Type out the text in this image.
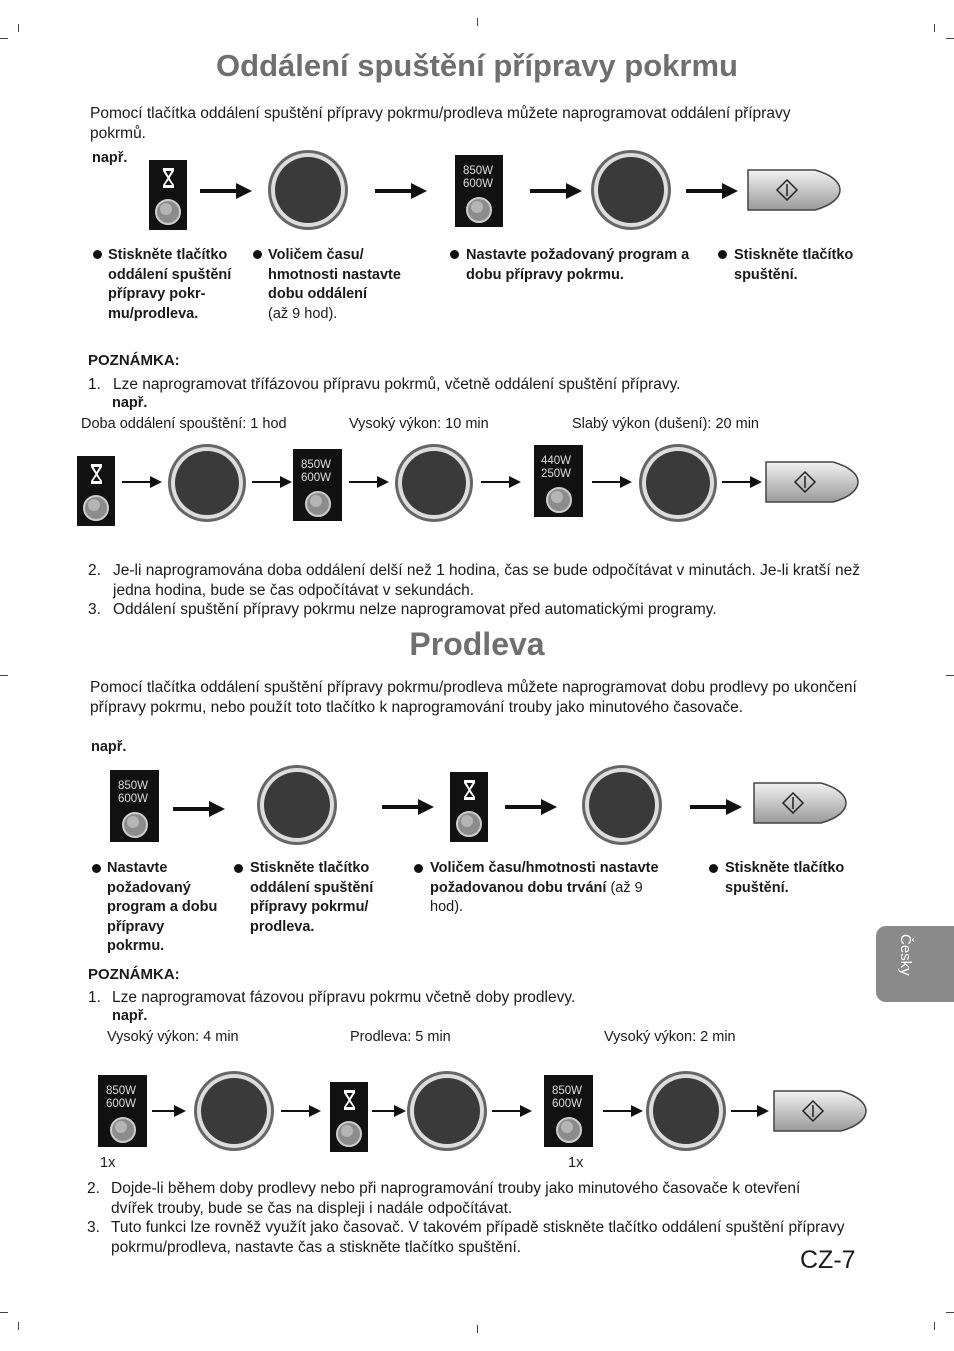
Oddálení spuštění přípravy pokrmu
Pomocí tlačítka oddálení spuštění přípravy pokrmu/prodleva můžete naprogramovat oddálení přípravy pokrmů.
např.
850W
600W
Stiskněte tlačítko oddálení spuštění přípravy pokr-mu/prodleva.
Voličem času/ hmotnosti nastavte dobu oddálení
(až 9 hod).
Nastavte požadovaný program a dobu přípravy pokrmu.
Stiskněte tlačítko spuštění.
POZNÁMKA:
1. Lze naprogramovat třífázovou přípravu pokrmů, včetně oddálení spuštění přípravy.
např.
Doba oddálení spouštění: 1 hod	Vysoký výkon: 10 min	Slabý výkon (dušení): 20 min
850W
600W
440W
250W
2. Je-li naprogramována doba oddálení delší než 1 hodina, čas se bude odpočítávat v minutách. Je-li kratší než jedna hodina, bude se čas odpočítávat v sekundách.
3. Oddálení spuštění přípravy pokrmu nelze naprogramovat před automatickými programy.
Prodleva
Pomocí tlačítka oddálení spuštění přípravy pokrmu/prodleva můžete naprogramovat dobu prodlevy po ukončení přípravy pokrmu, nebo použít toto tlačítko k naprogramování trouby jako minutového časovače.
např.
850W
600W
Nastavte požadovaný program a dobu přípravy pokrmu.
Stiskněte tlačítko oddálení spuštění přípravy pokrmu/ prodleva.
Voličem času/hmotnosti nastavte požadovanou dobu trvání (až 9 hod).
Stiskněte tlačítko spuštění.
POZNÁMKA:
1. Lze naprogramovat fázovou přípravu pokrmu včetně doby prodlevy.
např.
Vysoký výkon: 4 min	Prodleva: 5 min	Vysoký výkon: 2 min
850W
600W
850W
600W
1x	1x
2. Dojde-li během doby prodlevy nebo při naprogramování trouby jako minutového časovače k otevření dvířek trouby, bude se čas na displeji i nadále odpočítávat.
3. Tuto funkci lze rovněž využít jako časovač. V takovém případě stiskněte tlačítko oddálení spuštění přípravy pokrmu/prodleva, nastavte čas a stiskněte tlačítko spuštění.
Česky
CZ-7
